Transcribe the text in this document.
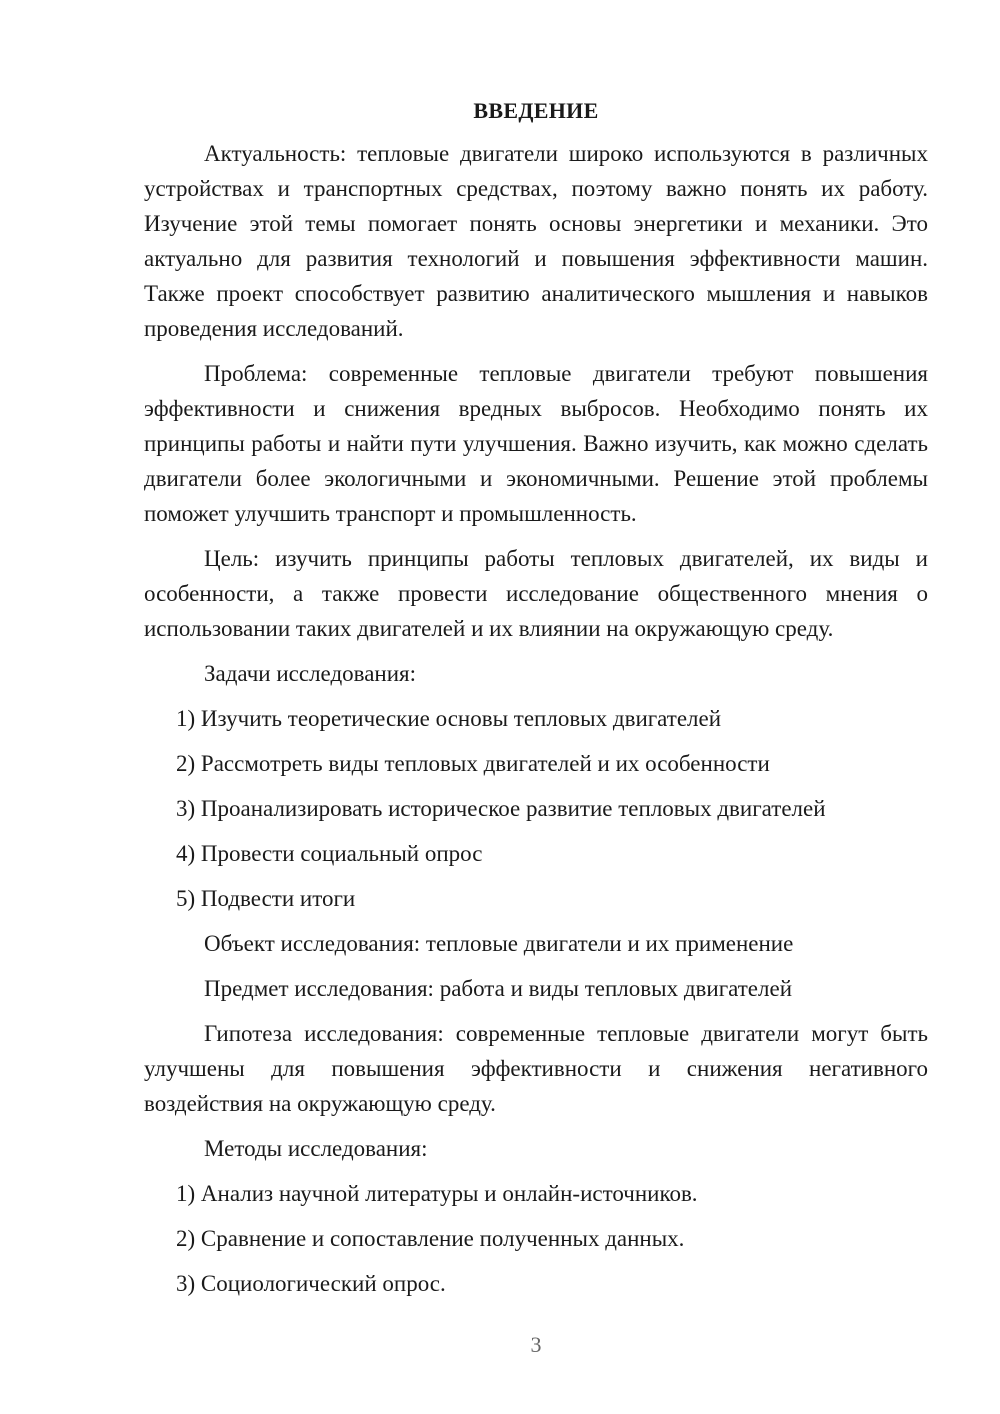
ВВЕДЕНИЕ

Актуальность: тепловые двигатели широко используются в различных устройствах и транспортных средствах, поэтому важно понять их работу. Изучение этой темы помогает понять основы энергетики и механики. Это актуально для развития технологий и повышения эффективности машин. Также проект способствует развитию аналитического мышления и навыков проведения исследований.

Проблема: современные тепловые двигатели требуют повышения эффективности и снижения вредных выбросов. Необходимо понять их принципы работы и найти пути улучшения. Важно изучить, как можно сделать двигатели более экологичными и экономичными. Решение этой проблемы поможет улучшить транспорт и промышленность.

Цель: изучить принципы работы тепловых двигателей, их виды и особенности, а также провести исследование общественного мнения о использовании таких двигателей и их влиянии на окружающую среду.

Задачи исследования:
1) Изучить теоретические основы тепловых двигателей
2) Рассмотреть виды тепловых двигателей и их особенности
3) Проанализировать историческое развитие тепловых двигателей
4) Провести социальный опрос
5) Подвести итоги
Объект исследования: тепловые двигатели и их применение
Предмет исследования: работа и виды тепловых двигателей

Гипотеза исследования: современные тепловые двигатели могут быть улучшены для повышения эффективности и снижения негативного воздействия на окружающую среду.

Методы исследования:
1) Анализ научной литературы и онлайн-источников.
2) Сравнение и сопоставление полученных данных.
3) Социологический опрос.
3
